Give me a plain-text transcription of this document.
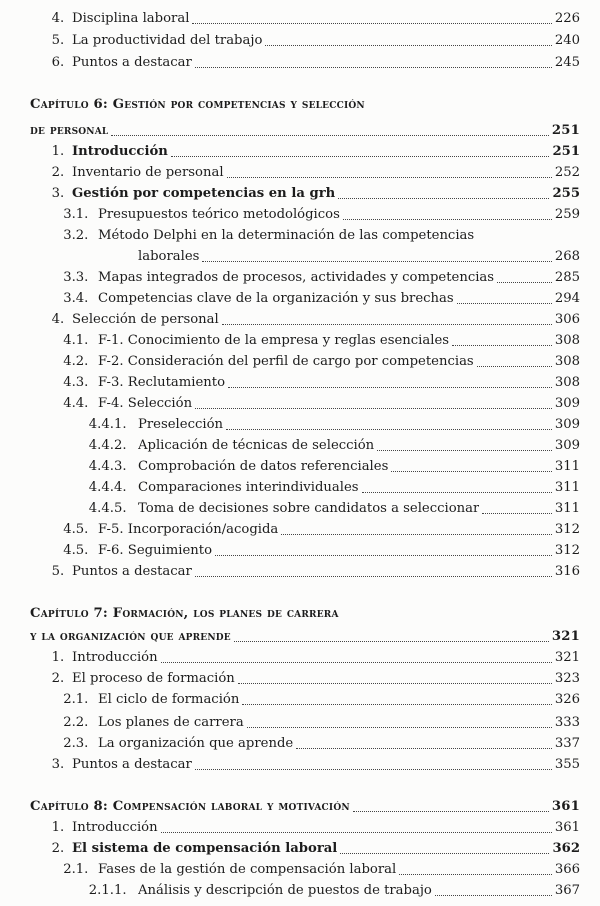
4. Disciplina laboral	226
5. La productividad del trabajo	240
6. Puntos a destacar	245
Capítulo 6: Gestión por competencias y selección
de personal	251
1. Introducción	251
2. Inventario de personal	252
3. Gestión por competencias en la grh	255
3.1. Presupuestos teórico metodológicos	259
3.2. Método Delphi en la determinación de las competencias
laborales	268
3.3. Mapas integrados de procesos, actividades y competencias	285
3.4. Competencias clave de la organización y sus brechas	294
4. Selección de personal	306
4.1. F-1. Conocimiento de la empresa y reglas esenciales	308
4.2. F-2. Consideración del perfil de cargo por competencias	308
4.3. F-3. Reclutamiento	308
4.4. F-4. Selección	309
4.4.1. Preselección	309
4.4.2. Aplicación de técnicas de selección	309
4.4.3. Comprobación de datos referenciales	311
4.4.4. Comparaciones interindividuales	311
4.4.5. Toma de decisiones sobre candidatos a seleccionar	311
4.5. F-5. Incorporación/acogida	312
4.5. F-6. Seguimiento	312
5. Puntos a destacar	316
Capítulo 7: Formación, los planes de carrera
y la organización que aprende	321
1. Introducción	321
2. El proceso de formación	323
2.1. El ciclo de formación	326
2.2. Los planes de carrera	333
2.3. La organización que aprende	337
3. Puntos a destacar	355
Capítulo 8: Compensación laboral y motivación	361
1. Introducción	361
2. El sistema de compensación laboral	362
2.1. Fases de la gestión de compensación laboral	366
2.1.1. Análisis y descripción de puestos de trabajo	367
